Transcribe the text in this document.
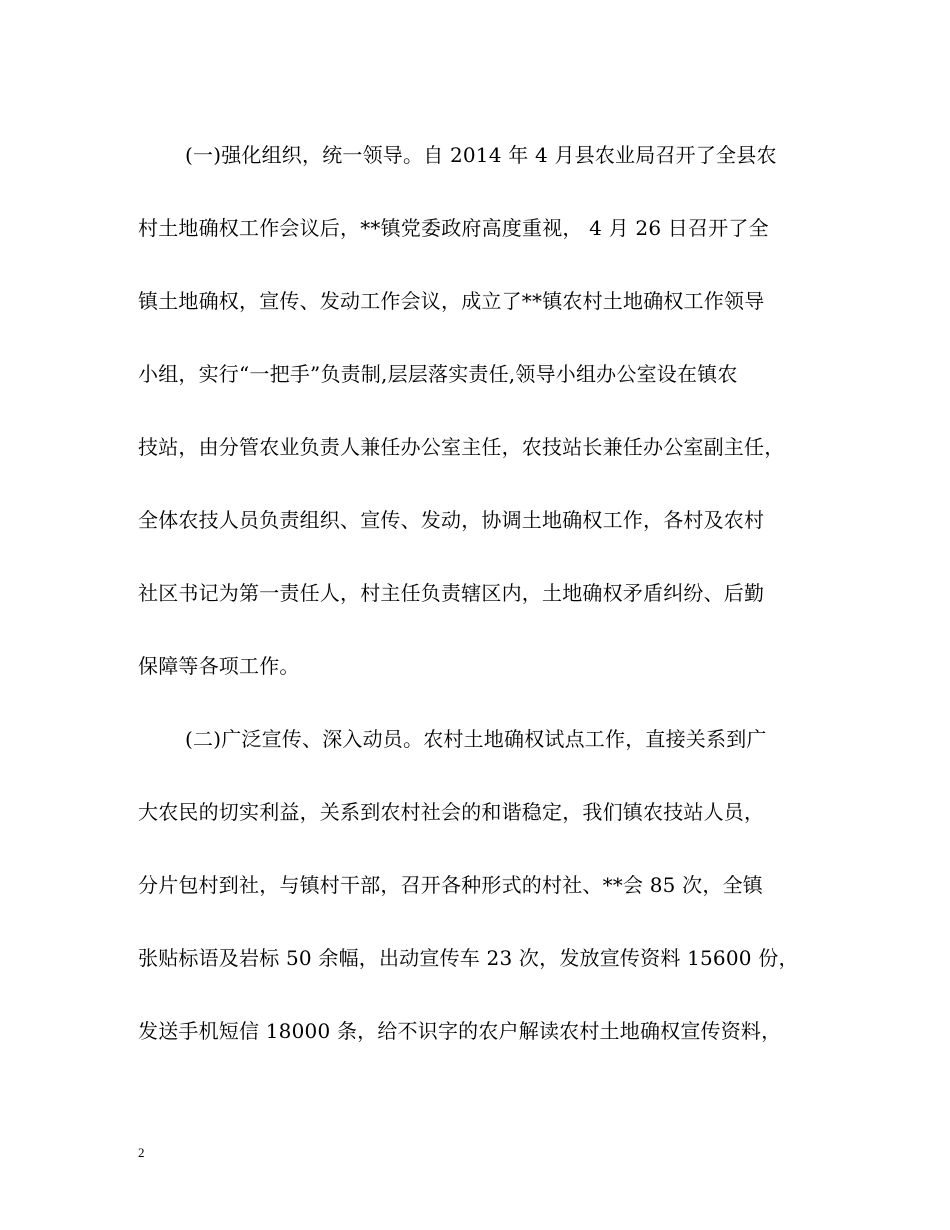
(一)强化组织，统一领导。自 2014 年 4 月县农业局召开了全县农
村土地确权工作会议后，**镇党委政府高度重视， 4 月 26 日召开了全
镇土地确权，宣传、发动工作会议，成立了**镇农村土地确权工作领导
小组，实行“一把手”负责制,层层落实责任,领导小组办公室设在镇农
技站，由分管农业负责人兼任办公室主任，农技站长兼任办公室副主任，
全体农技人员负责组织、宣传、发动，协调土地确权工作，各村及农村
社区书记为第一责任人，村主任负责辖区内，土地确权矛盾纠纷、后勤
保障等各项工作。
(二)广泛宣传、深入动员。农村土地确权试点工作，直接关系到广
大农民的切实利益，关系到农村社会的和谐稳定，我们镇农技站人员，
分片包村到社，与镇村干部，召开各种形式的村社、**会 85 次，全镇
张贴标语及岩标 50 余幅，出动宣传车 23 次，发放宣传资料 15600 份，
发送手机短信 18000 条，给不识字的农户解读农村土地确权宣传资料，
2
